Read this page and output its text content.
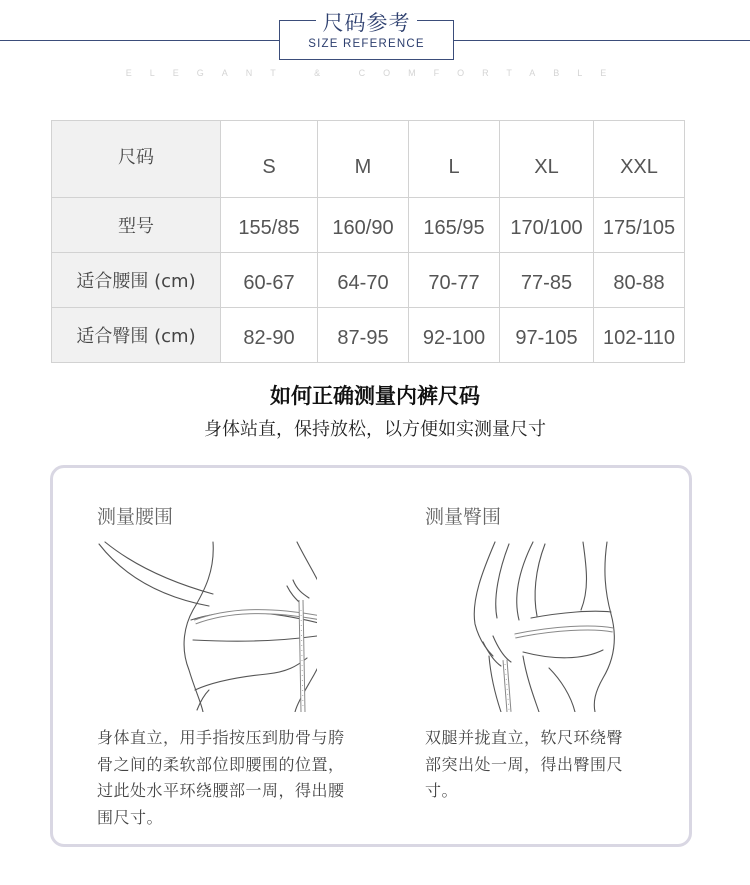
尺码参考
SIZE REFERENCE
ELEGANT & COMFORTABLE
尺码	S	M	L	XL	XXL
型号	155/85	160/90	165/95	170/100	175/105
适合腰围 (cm)	60-67	64-70	70-77	77-85	80-88
适合臀围 (cm)	82-90	87-95	92-100	97-105	102-110
如何正确测量内裤尺码
身体站直，保持放松，以方便如实测量尺寸
测量腰围
身体直立，用手指按压到肋骨与胯
骨之间的柔软部位即腰围的位置，
过此处水平环绕腰部一周，得出腰
围尺寸。
测量臀围
双腿并拢直立，软尺环绕臀
部突出处一周，得出臀围尺
寸。
